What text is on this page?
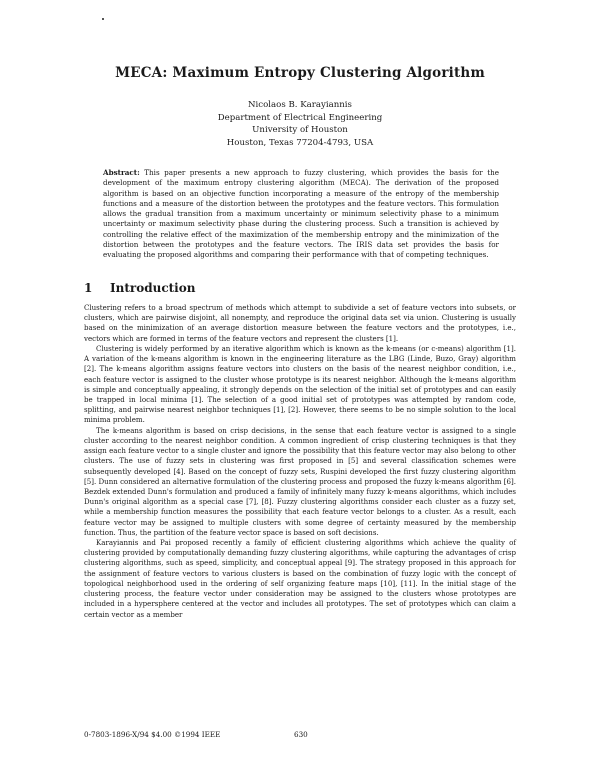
MECA: Maximum Entropy Clustering Algorithm
Nicolaos B. Karayiannis
Department of Electrical Engineering
University of Houston
Houston, Texas 77204-4793, USA
Abstract: This paper presents a new approach to fuzzy clustering, which provides the basis for the development of the maximum entropy clustering algorithm (MECA). The derivation of the proposed algorithm is based on an objective function incorporating a measure of the entropy of the membership functions and a measure of the distortion between the prototypes and the feature vectors. This formulation allows the gradual transition from a maximum uncertainty or minimum selectivity phase to a minimum uncertainty or maximum selectivity phase during the clustering process. Such a transition is achieved by controlling the relative effect of the maximization of the membership entropy and the minimization of the distortion between the prototypes and the feature vectors. The IRIS data set provides the basis for evaluating the proposed algorithms and comparing their performance with that of competing techniques.
1 Introduction

Clustering refers to a broad spectrum of methods which attempt to subdivide a set of feature vectors into subsets, or clusters, which are pairwise disjoint, all nonempty, and reproduce the original data set via union. Clustering is usually based on the minimization of an average distortion measure between the feature vectors and the prototypes, i.e., vectors which are formed in terms of the feature vectors and represent the clusters [1].

Clustering is widely performed by an iterative algorithm which is known as the k-means (or c-means) algorithm [1]. A variation of the k-means algorithm is known in the engineering literature as the LBG (Linde, Buzo, Gray) algorithm [2]. The k-means algorithm assigns feature vectors into clusters on the basis of the nearest neighbor condition, i.e., each feature vector is assigned to the cluster whose prototype is its nearest neighbor. Although the k-means algorithm is simple and conceptually appealing, it strongly depends on the selection of the initial set of prototypes and can easily be trapped in local minima [1]. The selection of a good initial set of prototypes was attempted by random code, splitting, and pairwise nearest neighbor techniques [1], [2]. However, there seems to be no simple solution to the local minima problem.

The k-means algorithm is based on crisp decisions, in the sense that each feature vector is assigned to a single cluster according to the nearest neighbor condition. A common ingredient of crisp clustering techniques is that they assign each feature vector to a single cluster and ignore the possibility that this feature vector may also belong to other clusters. The use of fuzzy sets in clustering was first proposed in [5] and several classification schemes were subsequently developed [4]. Based on the concept of fuzzy sets, Ruspini developed the first fuzzy clustering algorithm [5]. Dunn considered an alternative formulation of the clustering process and proposed the fuzzy k-means algorithm [6]. Bezdek extended Dunn's formulation and produced a family of infinitely many fuzzy k-means algorithms, which includes Dunn's original algorithm as a special case [7], [8]. Fuzzy clustering algorithms consider each cluster as a fuzzy set, while a membership function measures the possibility that each feature vector belongs to a cluster. As a result, each feature vector may be assigned to multiple clusters with some degree of certainty measured by the membership function. Thus, the partition of the feature vector space is based on soft decisions.

Karayiannis and Pai proposed recently a family of efficient clustering algorithms which achieve the quality of clustering provided by computationally demanding fuzzy clustering algorithms, while capturing the advantages of crisp clustering algorithms, such as speed, simplicity, and conceptual appeal [9]. The strategy proposed in this approach for the assignment of feature vectors to various clusters is based on the combination of fuzzy logic with the concept of topological neighborhood used in the ordering of self organizing feature maps [10], [11]. In the initial stage of the clustering process, the feature vector under consideration may be assigned to the clusters whose prototypes are included in a hypersphere centered at the vector and includes all prototypes. The set of prototypes which can claim a certain vector as a member

0-7803-1896-X/94 $4.00 ©1994 IEEE	630
